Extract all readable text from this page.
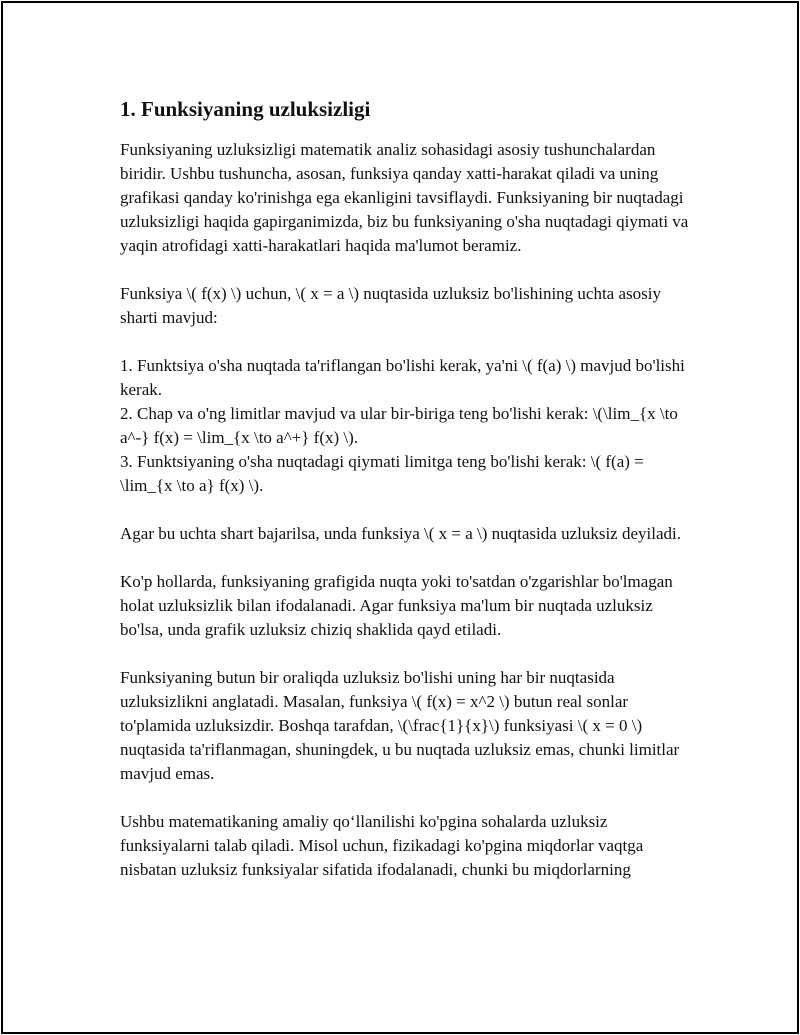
1. Funksiyaning uzluksizligi

Funksiyaning uzluksizligi matematik analiz sohasidagi asosiy tushunchalardan biridir. Ushbu tushuncha, asosan, funksiya qanday xatti-harakat qiladi va uning grafikasi qanday ko'rinishga ega ekanligini tavsiflaydi. Funksiyaning bir nuqtadagi uzluksizligi haqida gapirganimizda, biz bu funksiyaning o'sha nuqtadagi qiymati va yaqin atrofidagi xatti-harakatlari haqida ma'lumot beramiz.

Funksiya \( f(x) \) uchun, \( x = a \) nuqtasida uzluksiz bo'lishining uchta asosiy sharti mavjud:

1. Funktsiya o'sha nuqtada ta'riflangan bo'lishi kerak, ya'ni \( f(a) \) mavjud bo'lishi kerak.
2. Chap va o'ng limitlar mavjud va ular bir-biriga teng bo'lishi kerak: \(\lim_{x \to a^-} f(x) = \lim_{x \to a^+} f(x) \).
3. Funktsiyaning o'sha nuqtadagi qiymati limitga teng bo'lishi kerak: \( f(a) = \lim_{x \to a} f(x) \).

Agar bu uchta shart bajarilsa, unda funksiya \( x = a \) nuqtasida uzluksiz deyiladi.

Ko'p hollarda, funksiyaning grafigida nuqta yoki to'satdan o'zgarishlar bo'lmagan holat uzluksizlik bilan ifodalanadi. Agar funksiya ma'lum bir nuqtada uzluksiz bo'lsa, unda grafik uzluksiz chiziq shaklida qayd etiladi.

Funksiyaning butun bir oraliqda uzluksiz bo'lishi uning har bir nuqtasida uzluksizlikni anglatadi. Masalan, funksiya \( f(x) = x^2 \) butun real sonlar to'plamida uzluksizdir. Boshqa tarafdan, \(\frac{1}{x}\) funksiyasi \( x = 0 \) nuqtasida ta'riflanmagan, shuningdek, u bu nuqtada uzluksiz emas, chunki limitlar mavjud emas.

Ushbu matematikaning amaliy qo‘llanilishi ko'pgina sohalarda uzluksiz funksiyalarni talab qiladi. Misol uchun, fizikadagi ko'pgina miqdorlar vaqtga nisbatan uzluksiz funksiyalar sifatida ifodalanadi, chunki bu miqdorlarning
